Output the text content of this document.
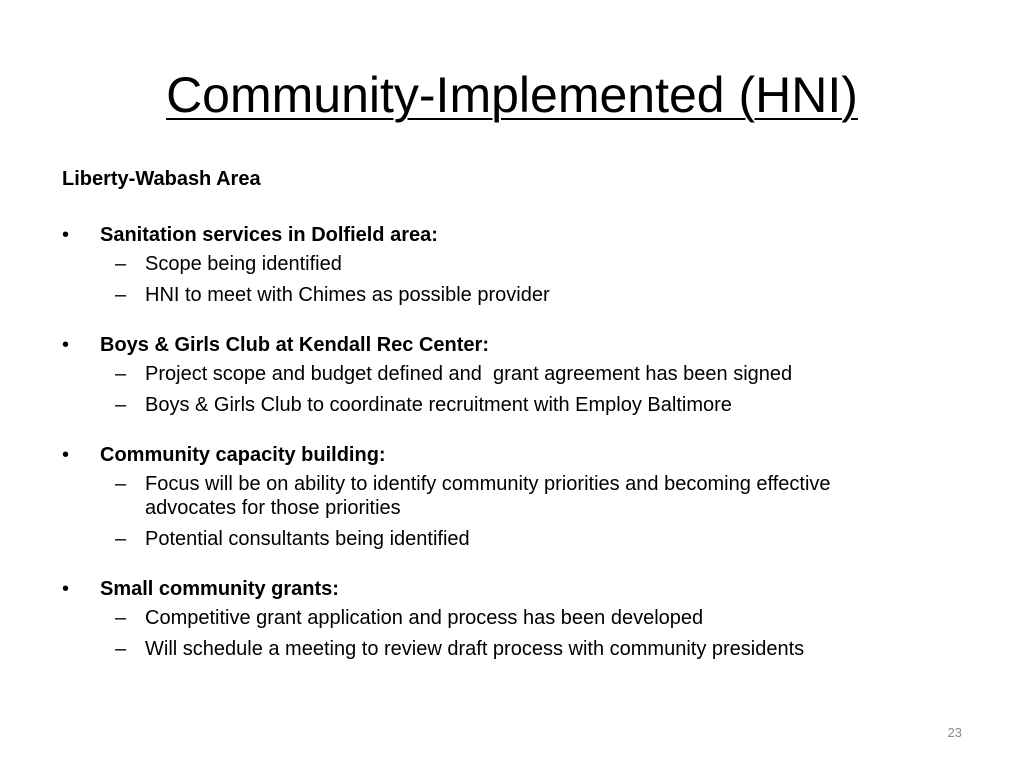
Community-Implemented (HNI)
Liberty-Wabash Area
•	Sanitation services in Dolfield area:
– Scope being identified
– HNI to meet with Chimes as possible provider
•	Boys & Girls Club at Kendall Rec Center:
– Project scope and budget defined and  grant agreement has been signed
– Boys & Girls Club to coordinate recruitment with Employ Baltimore
•	Community capacity building:
– Focus will be on ability to identify community priorities and becoming effective advocates for those priorities
– Potential consultants being identified
•	Small community grants:
– Competitive grant application and process has been developed
– Will schedule a meeting to review draft process with community presidents
23
